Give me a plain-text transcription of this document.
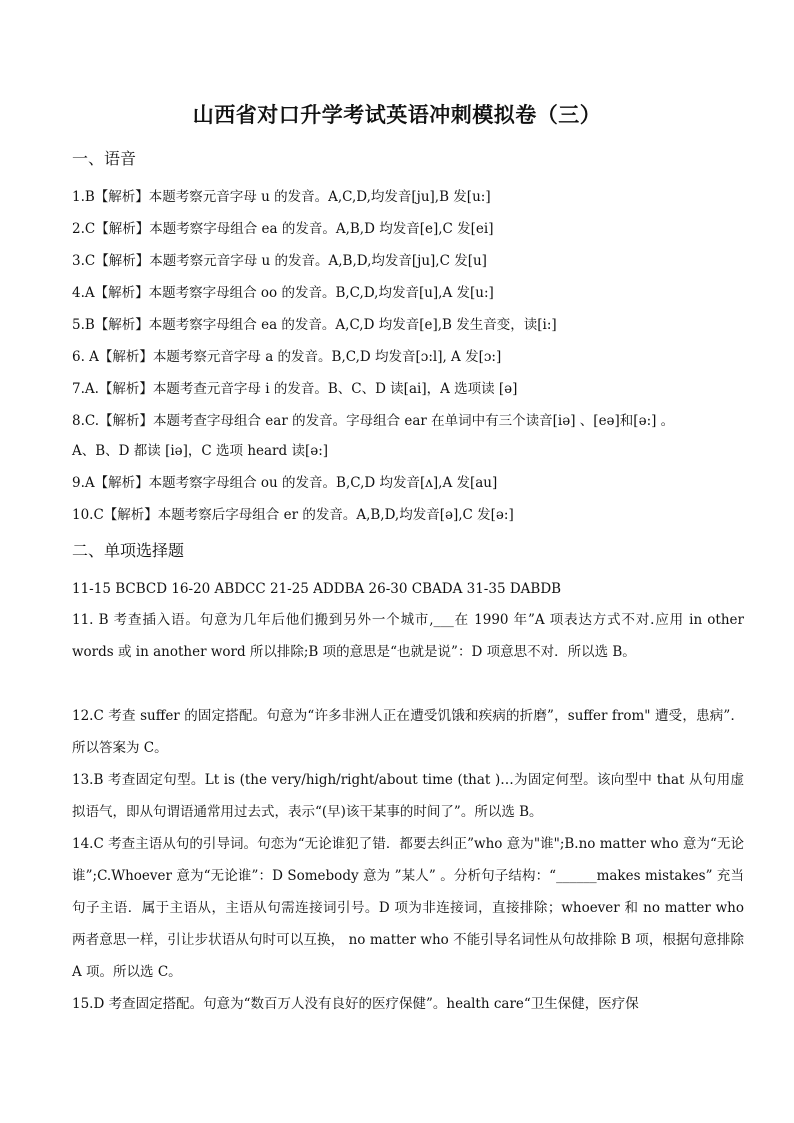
山西省对口升学考试英语冲刺模拟卷（三）
一、语音
1.B【解析】本题考察元音字母 u 的发音。A,C,D,均发音[ju],B 发[u:]
2.C【解析】本题考察字母组合 ea 的发音。A,B,D 均发音[e],C 发[ei]
3.C【解析】本题考察元音字母 u 的发音。A,B,D,均发音[ju],C 发[u]
4.A【解析】本题考察字母组合 oo 的发音。B,C,D,均发音[u],A 发[u:]
5.B【解析】本题考察字母组合 ea 的发音。A,C,D 均发音[e],B 发生音变，读[i:]
6. A【解析】本题考察元音字母 a 的发音。B,C,D 均发音[ɔ:l], A 发[ɔ:]
7.A.【解析】本题考查元音字母 i 的发音。B、C、D 读[ai]，A 选项读 [ə]
8.C.【解析】本题考查字母组合 ear 的发音。字母组合 ear 在单词中有三个读音[iə] 、[eə]和[ə:] 。
A、B、D 都读 [iə]，C 选项 heard 读[ə:]
9.A【解析】本题考察字母组合 ou 的发音。B,C,D 均发音[ʌ],A 发[au]
10.C【解析】本题考察后字母组合 er 的发音。A,B,D,均发音[ə],C 发[ə:]
二、单项选择题
11-15 BCBCD 16-20 ABDCC 21-25 ADDBA 26-30 CBADA 31-35 DABDB
11. B 考查插入语。句意为几年后他们搬到另外一个城市,___在 1990 年”A 项表达方式不对.应用 in other words 或 in another word 所以排除;B 项的意思是“也就是说”：D 项意思不对．所以选 B。
12.C 考查 suffer 的固定搭配。句意为“许多非洲人正在遭受饥饿和疾病的折磨”，suffer from" 遭受，患病”．所以答案为 C。
13.B 考查固定句型。Lt is (the very/high/right/about time (that )…为固定何型。该向型中 that 从句用虚拟语气，即从句谓语通常用过去式，表示“(早)该干某事的时间了”。所以选 B。
14.C 考查主语从句的引导词。句恋为“无论谁犯了错．都要去纠正”who 意为"谁";B.no matter who 意为“无论谁”;C.Whoever 意为“无论谁”：D Somebody 意为 ”某人” 。分析句子结构：“______makes mistakes” 充当句子主语．属于主语从，主语从句需连接词引号。D 项为非连接词，直接排除；whoever 和 no matter who 两者意思一样，引让步状语从句时可以互换， no matter who 不能引导名词性从句故排除 B 项，根据句意排除 A 项。所以选 C。
15.D 考查固定搭配。句意为“数百万人没有良好的医疗保健”。health care“卫生保健，医疗保
